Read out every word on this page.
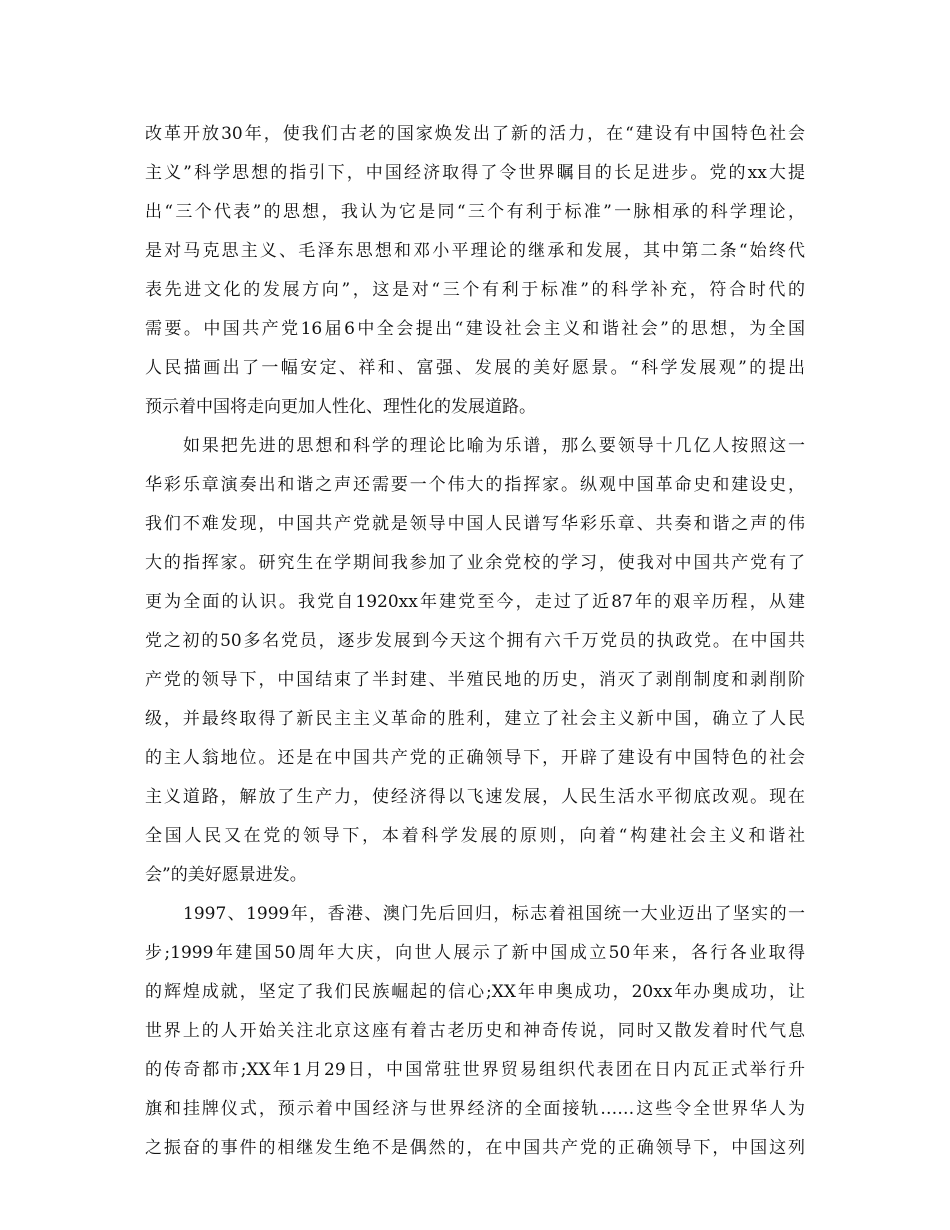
改革开放30年，使我们古老的国家焕发出了新的活力，在“建设有中国特色社会
主义”科学思想的指引下，中国经济取得了令世界瞩目的长足进步。党的xx大提
出“三个代表”的思想，我认为它是同“三个有利于标准”一脉相承的科学理论，
是对马克思主义、毛泽东思想和邓小平理论的继承和发展，其中第二条“始终代
表先进文化的发展方向”，这是对“三个有利于标准”的科学补充，符合时代的
需要。中国共产党16届6中全会提出“建设社会主义和谐社会”的思想，为全国
人民描画出了一幅安定、祥和、富强、发展的美好愿景。“科学发展观”的提出
预示着中国将走向更加人性化、理性化的发展道路。
如果把先进的思想和科学的理论比喻为乐谱，那么要领导十几亿人按照这一
华彩乐章演奏出和谐之声还需要一个伟大的指挥家。纵观中国革命史和建设史，
我们不难发现，中国共产党就是领导中国人民谱写华彩乐章、共奏和谐之声的伟
大的指挥家。研究生在学期间我参加了业余党校的学习，使我对中国共产党有了
更为全面的认识。我党自1920xx年建党至今，走过了近87年的艰辛历程，从建
党之初的50多名党员，逐步发展到今天这个拥有六千万党员的执政党。在中国共
产党的领导下，中国结束了半封建、半殖民地的历史，消灭了剥削制度和剥削阶
级，并最终取得了新民主主义革命的胜利，建立了社会主义新中国，确立了人民
的主人翁地位。还是在中国共产党的正确领导下，开辟了建设有中国特色的社会
主义道路，解放了生产力，使经济得以飞速发展，人民生活水平彻底改观。现在
全国人民又在党的领导下，本着科学发展的原则，向着“构建社会主义和谐社
会”的美好愿景进发。
1997、1999年，香港、澳门先后回归，标志着祖国统一大业迈出了坚实的一
步;1999年建国50周年大庆，向世人展示了新中国成立50年来，各行各业取得
的辉煌成就，坚定了我们民族崛起的信心;XX年申奥成功，20xx年办奥成功，让
世界上的人开始关注北京这座有着古老历史和神奇传说，同时又散发着时代气息
的传奇都市;XX年1月29日，中国常驻世界贸易组织代表团在日内瓦正式举行升
旗和挂牌仪式，预示着中国经济与世界经济的全面接轨……这些令全世界华人为
之振奋的事件的相继发生绝不是偶然的，在中国共产党的正确领导下，中国这列
